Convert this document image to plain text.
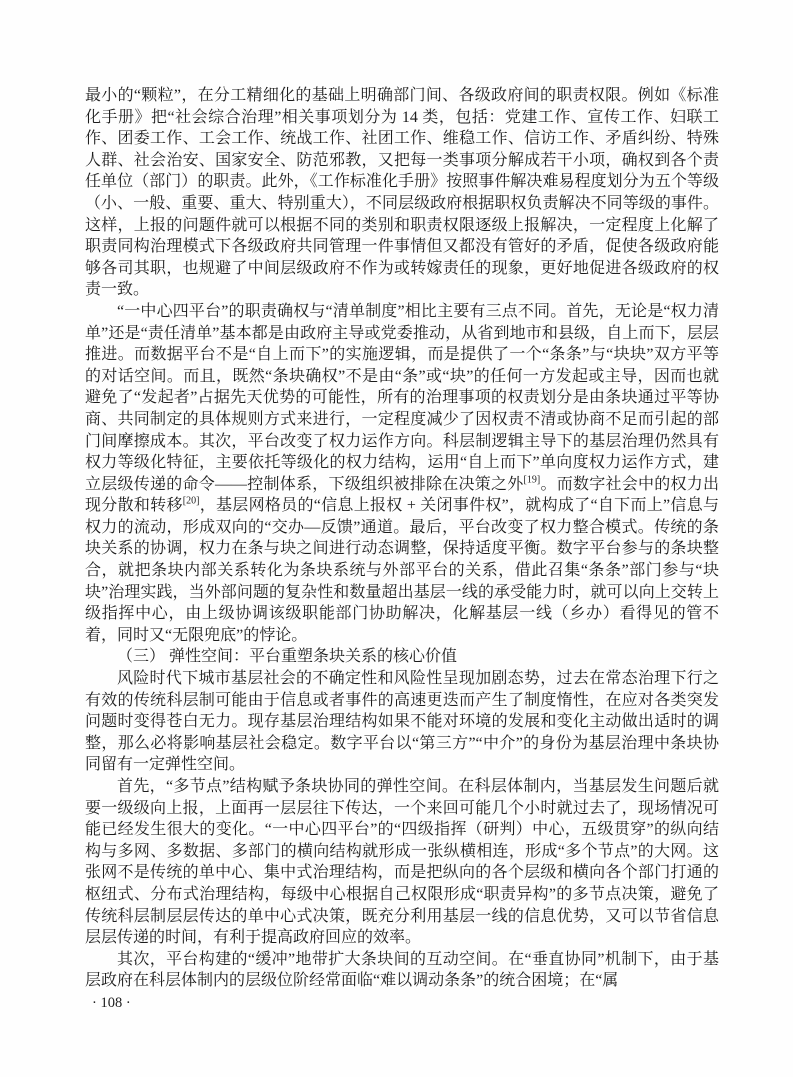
最小的“颗粒”，在分工精细化的基础上明确部门间、各级政府间的职责权限。例如《标准化手册》把“社会综合治理”相关事项划分为 14 类，包括：党建工作、宣传工作、妇联工作、团委工作、工会工作、统战工作、社团工作、维稳工作、信访工作、矛盾纠纷、特殊人群、社会治安、国家安全、防范邪教，又把每一类事项分解成若干小项，确权到各个责任单位（部门）的职责。此外，《工作标准化手册》按照事件解决难易程度划分为五个等级（小、一般、重要、重大、特别重大），不同层级政府根据职权负责解决不同等级的事件。这样，上报的问题件就可以根据不同的类别和职责权限逐级上报解决，一定程度上化解了职责同构治理模式下各级政府共同管理一件事情但又都没有管好的矛盾，促使各级政府能够各司其职，也规避了中间层级政府不作为或转嫁责任的现象，更好地促进各级政府的权责一致。

“一中心四平台”的职责确权与“清单制度”相比主要有三点不同。首先，无论是“权力清单”还是“责任清单”基本都是由政府主导或党委推动，从省到地市和县级，自上而下，层层推进。而数据平台不是“自上而下”的实施逻辑，而是提供了一个“条条”与“块块”双方平等的对话空间。而且，既然“条块确权”不是由“条”或“块”的任何一方发起或主导，因而也就避免了“发起者”占据先天优势的可能性，所有的治理事项的权责划分是由条块通过平等协商、共同制定的具体规则方式来进行，一定程度减少了因权责不清或协商不足而引起的部门间摩擦成本。其次，平台改变了权力运作方向。科层制逻辑主导下的基层治理仍然具有权力等级化特征，主要依托等级化的权力结构，运用“自上而下”单向度权力运作方式，建立层级传递的命令——控制体系，下级组织被排除在决策之外[19]。而数字社会中的权力出现分散和转移[20]，基层网格员的“信息上报权 + 关闭事件权”，就构成了“自下而上”信息与权力的流动，形成双向的“交办—反馈”通道。最后，平台改变了权力整合模式。传统的条块关系的协调，权力在条与块之间进行动态调整，保持适度平衡。数字平台参与的条块整合，就把条块内部关系转化为条块系统与外部平台的关系，借此召集“条条”部门参与“块块”治理实践，当外部问题的复杂性和数量超出基层一线的承受能力时，就可以向上交转上级指挥中心，由上级协调该级职能部门协助解决，化解基层一线（乡办）看得见的管不着，同时又“无限兜底”的悖论。

（三） 弹性空间：平台重塑条块关系的核心价值

风险时代下城市基层社会的不确定性和风险性呈现加剧态势，过去在常态治理下行之有效的传统科层制可能由于信息或者事件的高速更迭而产生了制度惰性，在应对各类突发问题时变得苍白无力。现存基层治理结构如果不能对环境的发展和变化主动做出适时的调整，那么必将影响基层社会稳定。数字平台以“第三方”“中介”的身份为基层治理中条块协同留有一定弹性空间。

首先，“多节点”结构赋予条块协同的弹性空间。在科层体制内，当基层发生问题后就要一级级向上报，上面再一层层往下传达，一个来回可能几个小时就过去了，现场情况可能已经发生很大的变化。“一中心四平台”的“四级指挥（研判）中心，五级贯穿”的纵向结构与多网、多数据、多部门的横向结构就形成一张纵横相连，形成“多个节点”的大网。这张网不是传统的单中心、集中式治理结构，而是把纵向的各个层级和横向各个部门打通的枢纽式、分布式治理结构，每级中心根据自己权限形成“职责异构”的多节点决策，避免了传统科层制层层传达的单中心式决策，既充分利用基层一线的信息优势，又可以节省信息层层传递的时间，有利于提高政府回应的效率。

其次，平台构建的“缓冲”地带扩大条块间的互动空间。在“垂直协同”机制下，由于基层政府在科层体制内的层级位阶经常面临“难以调动条条”的统合困境；在“属

· 108 ·
